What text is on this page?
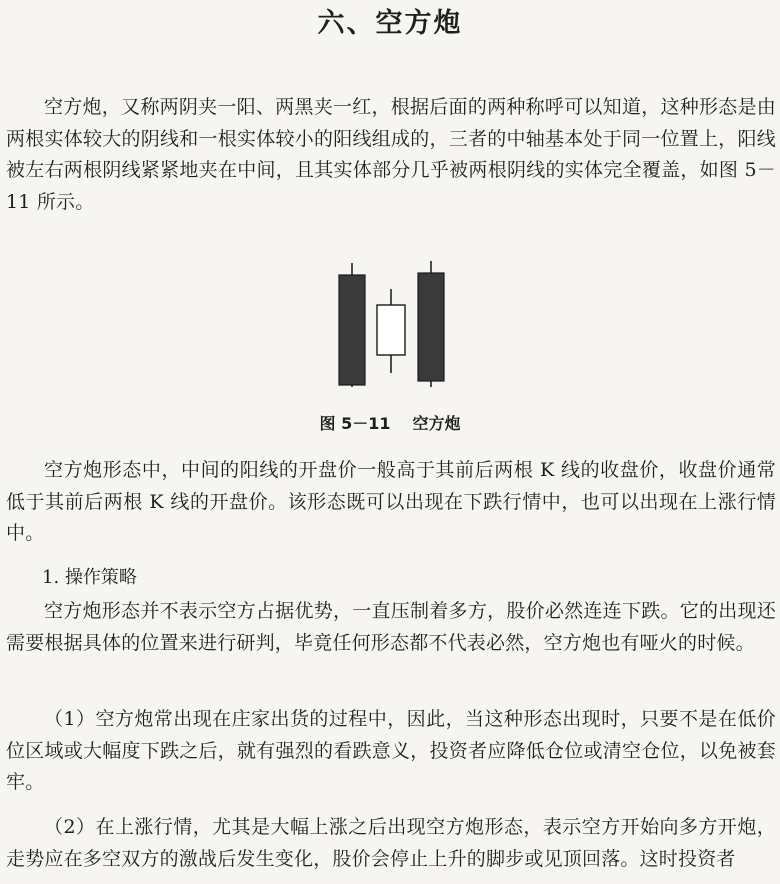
六、空方炮

空方炮，又称两阴夹一阳、两黑夹一红，根据后面的两种称呼可以知道，这种形态是由两根实体较大的阴线和一根实体较小的阳线组成的，三者的中轴基本处于同一位置上，阳线被左右两根阴线紧紧地夹在中间，且其实体部分几乎被两根阴线的实体完全覆盖，如图 5－11 所示。

图 5－11 空方炮

空方炮形态中，中间的阳线的开盘价一般高于其前后两根 K 线的收盘价，收盘价通常低于其前后两根 K 线的开盘价。该形态既可以出现在下跌行情中，也可以出现在上涨行情中。

1. 操作策略

空方炮形态并不表示空方占据优势，一直压制着多方，股价必然连连下跌。它的出现还需要根据具体的位置来进行研判，毕竟任何形态都不代表必然，空方炮也有哑火的时候。

（1）空方炮常出现在庄家出货的过程中，因此，当这种形态出现时，只要不是在低价位区域或大幅度下跌之后，就有强烈的看跌意义，投资者应降低仓位或清空仓位，以免被套牢。

（2）在上涨行情，尤其是大幅上涨之后出现空方炮形态，表示空方开始向多方开炮，走势应在多空双方的激战后发生变化，股价会停止上升的脚步或见顶回落。这时投资者
